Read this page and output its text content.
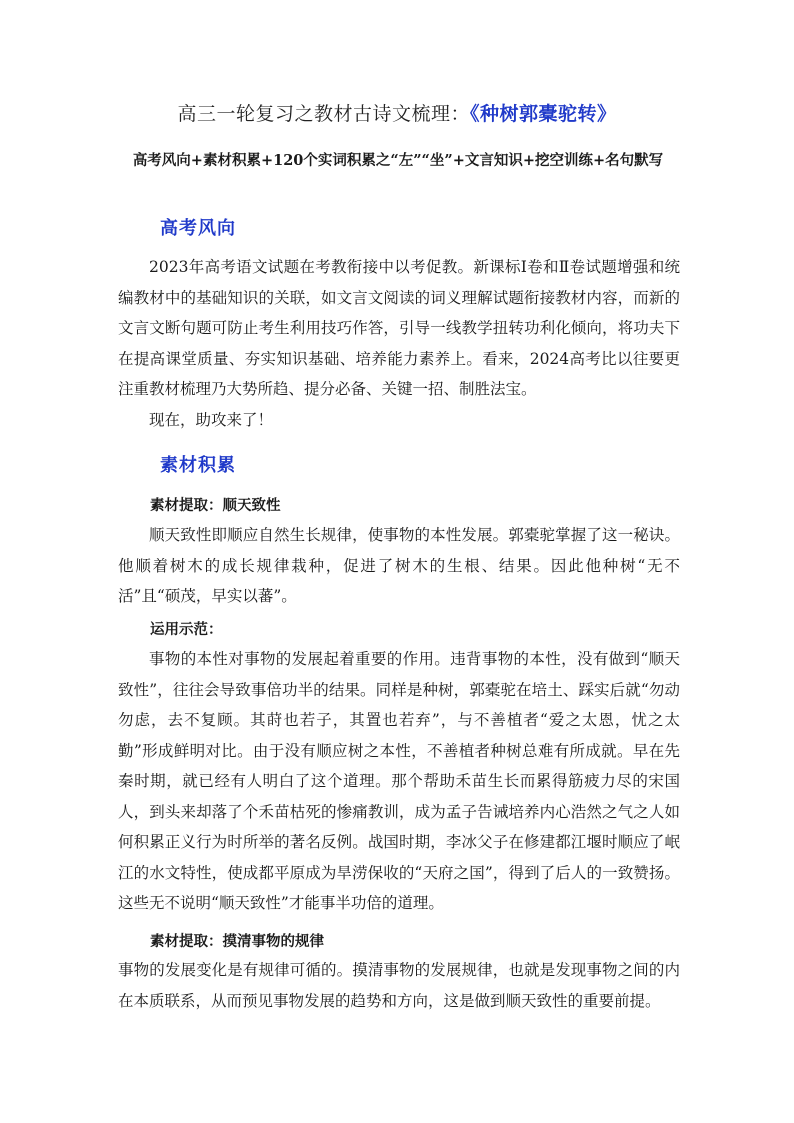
高三一轮复习之教材古诗文梳理：《种树郭橐驼转》
高考风向+素材积累+120个实词积累之“左”“坐”+文言知识+挖空训练+名句默写
高考风向
2023年高考语文试题在考教衔接中以考促教。新课标Ⅰ卷和Ⅱ卷试题增强和统编教材中的基础知识的关联，如文言文阅读的词义理解试题衔接教材内容，而新的文言文断句题可防止考生利用技巧作答，引导一线教学扭转功利化倾向，将功夫下在提高课堂质量、夯实知识基础、培养能力素养上。看来，2024高考比以往要更注重教材梳理乃大势所趋、提分必备、关键一招、制胜法宝。
现在，助攻来了！
素材积累
素材提取：顺天致性
顺天致性即顺应自然生长规律，使事物的本性发展。郭橐驼掌握了这一秘诀。他顺着树木的成长规律栽种，促进了树木的生根、结果。因此他种树“无不活”且“硕茂，早实以蕃”。
运用示范：
事物的本性对事物的发展起着重要的作用。违背事物的本性，没有做到“顺天致性”，往往会导致事倍功半的结果。同样是种树，郭橐驼在培土、踩实后就“勿动勿虑，去不复顾。其莳也若子，其置也若弃”，与不善植者“爱之太恩，忧之太勤”形成鲜明对比。由于没有顺应树之本性，不善植者种树总难有所成就。早在先秦时期，就已经有人明白了这个道理。那个帮助禾苗生长而累得筋疲力尽的宋国人，到头来却落了个禾苗枯死的惨痛教训，成为孟子告诫培养内心浩然之气之人如何积累正义行为时所举的著名反例。战国时期，李冰父子在修建都江堰时顺应了岷江的水文特性，使成都平原成为旱涝保收的“天府之国”，得到了后人的一致赞扬。这些无不说明“顺天致性”才能事半功倍的道理。
素材提取：摸清事物的规律
事物的发展变化是有规律可循的。摸清事物的发展规律，也就是发现事物之间的内在本质联系，从而预见事物发展的趋势和方向，这是做到顺天致性的重要前提。
